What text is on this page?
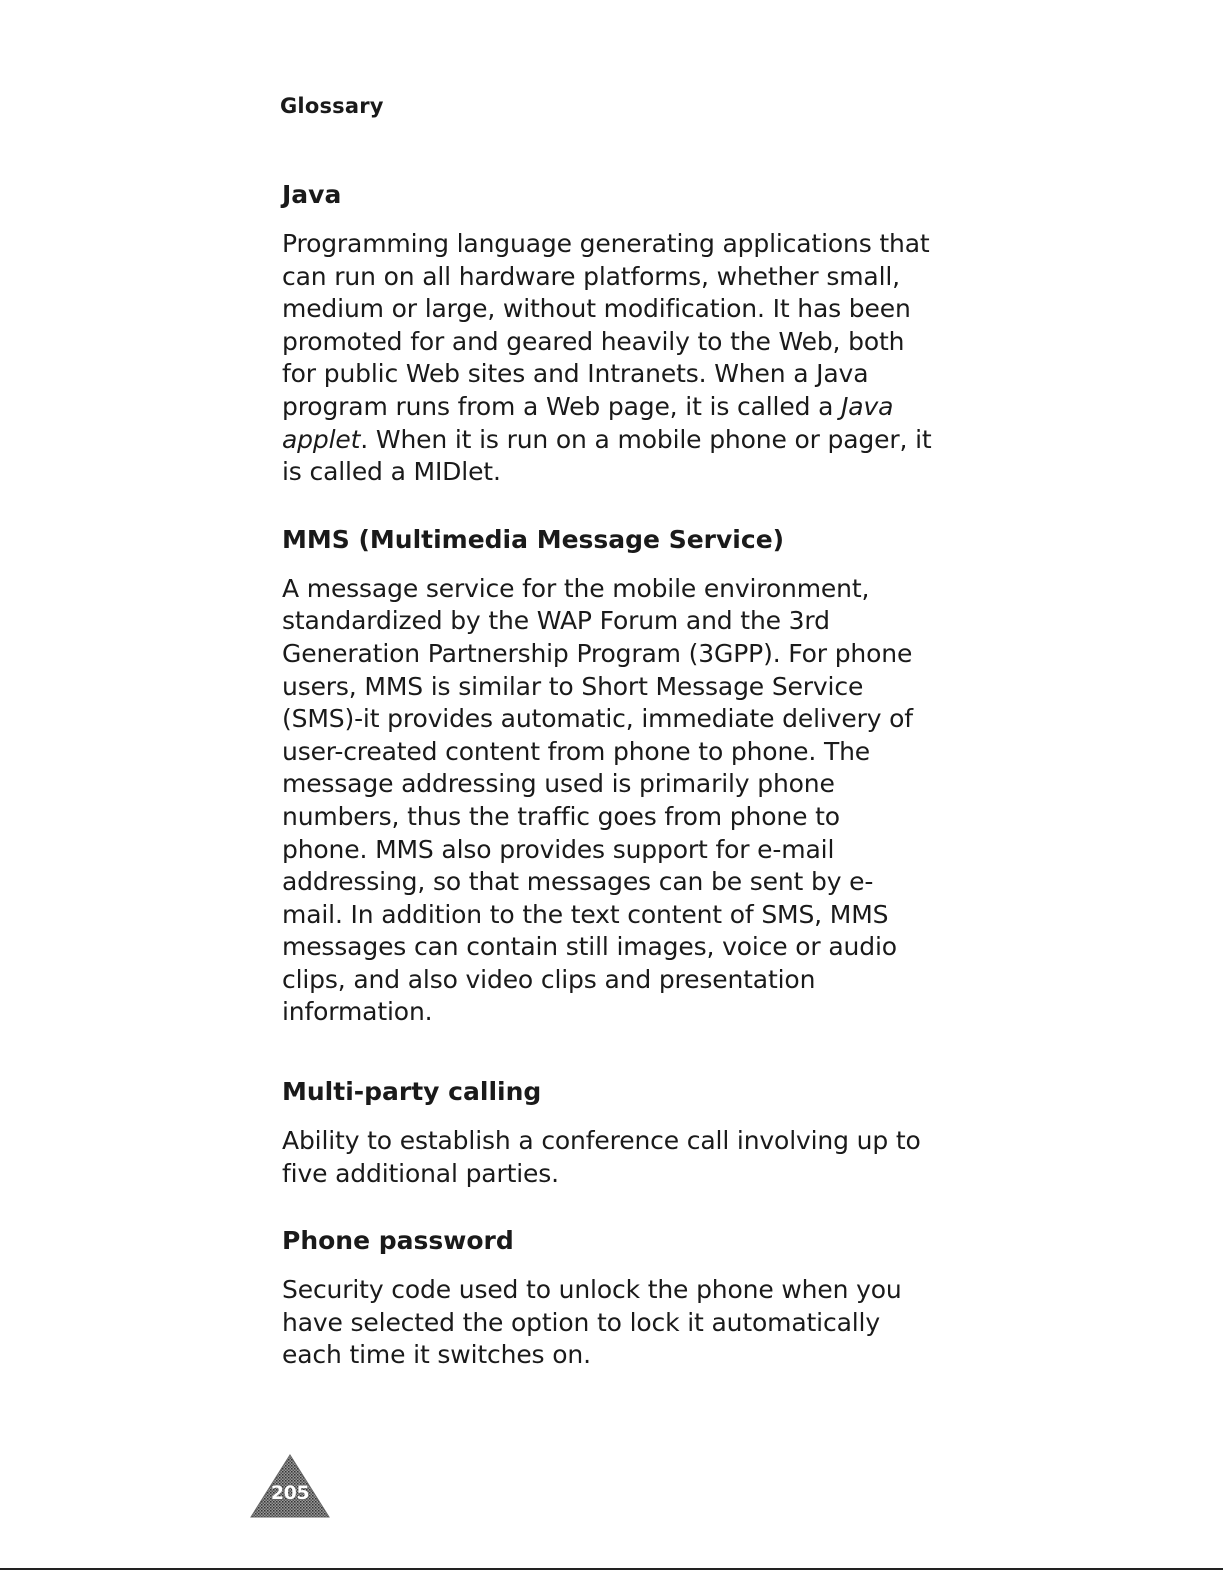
Glossary
Java

Programming language generating applications that can run on all hardware platforms, whether small, medium or large, without modification. It has been promoted for and geared heavily to the Web, both for public Web sites and Intranets. When a Java program runs from a Web page, it is called a Java applet. When it is run on a mobile phone or pager, it is called a MIDlet.

MMS (Multimedia Message Service)

A message service for the mobile environment, standardized by the WAP Forum and the 3rd Generation Partnership Program (3GPP). For phone users, MMS is similar to Short Message Service (SMS)-it provides automatic, immediate delivery of user-created content from phone to phone. The message addressing used is primarily phone numbers, thus the traffic goes from phone to phone. MMS also provides support for e-mail addressing, so that messages can be sent by e-mail. In addition to the text content of SMS, MMS messages can contain still images, voice or audio clips, and also video clips and presentation information.

Multi-party calling

Ability to establish a conference call involving up to five additional parties.

Phone password

Security code used to unlock the phone when you have selected the option to lock it automatically each time it switches on.

205
